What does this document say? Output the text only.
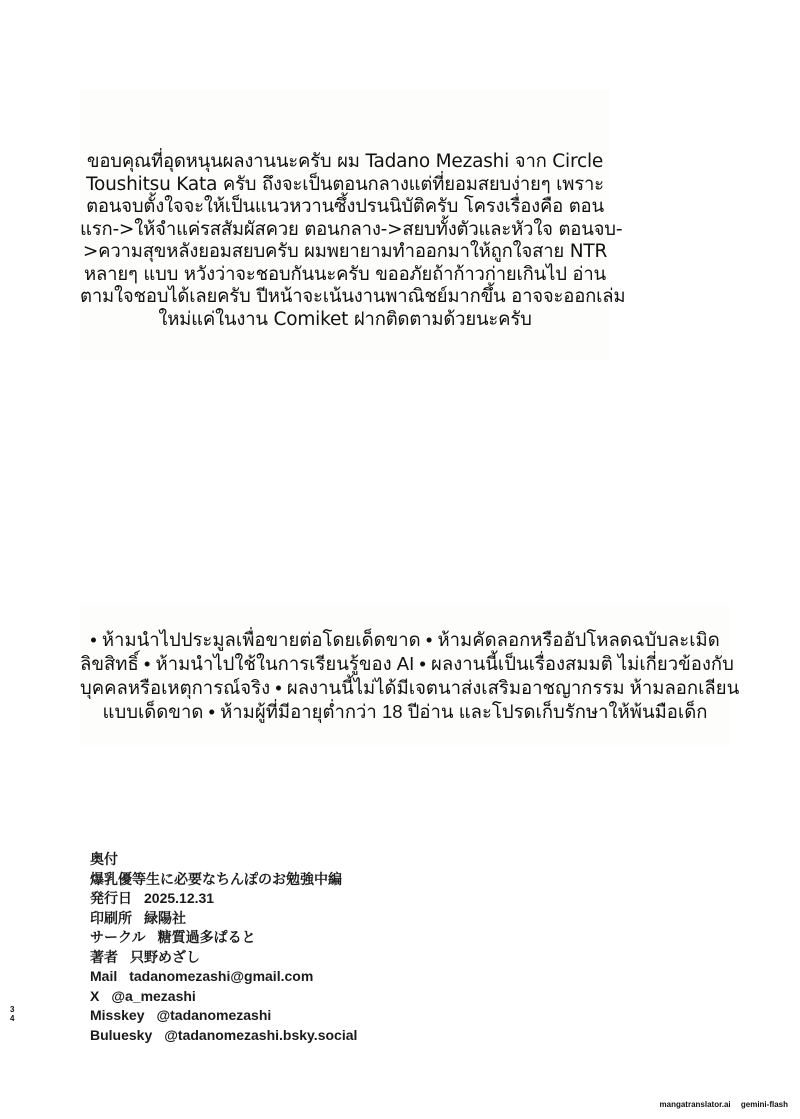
ขอบคุณที่อุดหนุนผลงานนะครับ ผม Tadano Mezashi จาก Circle
Toushitsu Kata ครับ ถึงจะเป็นตอนกลางแต่ที่ยอมสยบง่ายๆ เพราะ
ตอนจบตั้งใจจะให้เป็นแนวหวานซึ้งปรนนิบัติครับ โครงเรื่องคือ ตอน
แรก->ให้จำแค่รสสัมผัสควย ตอนกลาง->สยบทั้งตัวและหัวใจ ตอนจบ-
>ความสุขหลังยอมสยบครับ ผมพยายามทำออกมาให้ถูกใจสาย NTR
หลายๆ แบบ หวังว่าจะชอบกันนะครับ ขออภัยถ้าก้าวก่ายเกินไป อ่าน
ตามใจชอบได้เลยครับ ปีหน้าจะเน้นงานพาณิชย์มากขึ้น อาจจะออกเล่ม
ใหม่แค่ในงาน Comiket ฝากติดตามด้วยนะครับ
• ห้ามนำไปประมูลเพื่อขายต่อโดยเด็ดขาด • ห้ามคัดลอกหรืออัปโหลดฉบับละเมิด
ลิขสิทธิ์ • ห้ามนำไปใช้ในการเรียนรู้ของ AI • ผลงานนี้เป็นเรื่องสมมติ ไม่เกี่ยวข้องกับ
บุคคลหรือเหตุการณ์จริง • ผลงานนี้ไม่ได้มีเจตนาส่งเสริมอาชญากรรม ห้ามลอกเลียน
แบบเด็ดขาด • ห้ามผู้ที่มีอายุต่ำกว่า 18 ปีอ่าน และโปรดเก็บรักษาให้พ้นมือเด็ก
奥付
爆乳優等生に必要なちんぽのお勉強中編
発行日 2025.12.31
印刷所 緑陽社
サークル 糖質過多ぱると
著者 只野めざし
Mail tadanomezashi@gmail.com
X @a_mezashi
Misskey @tadanomezashi
Buluesky @tadanomezashi.bsky.social
3
4
mangatranslator.ai gemini-flash
